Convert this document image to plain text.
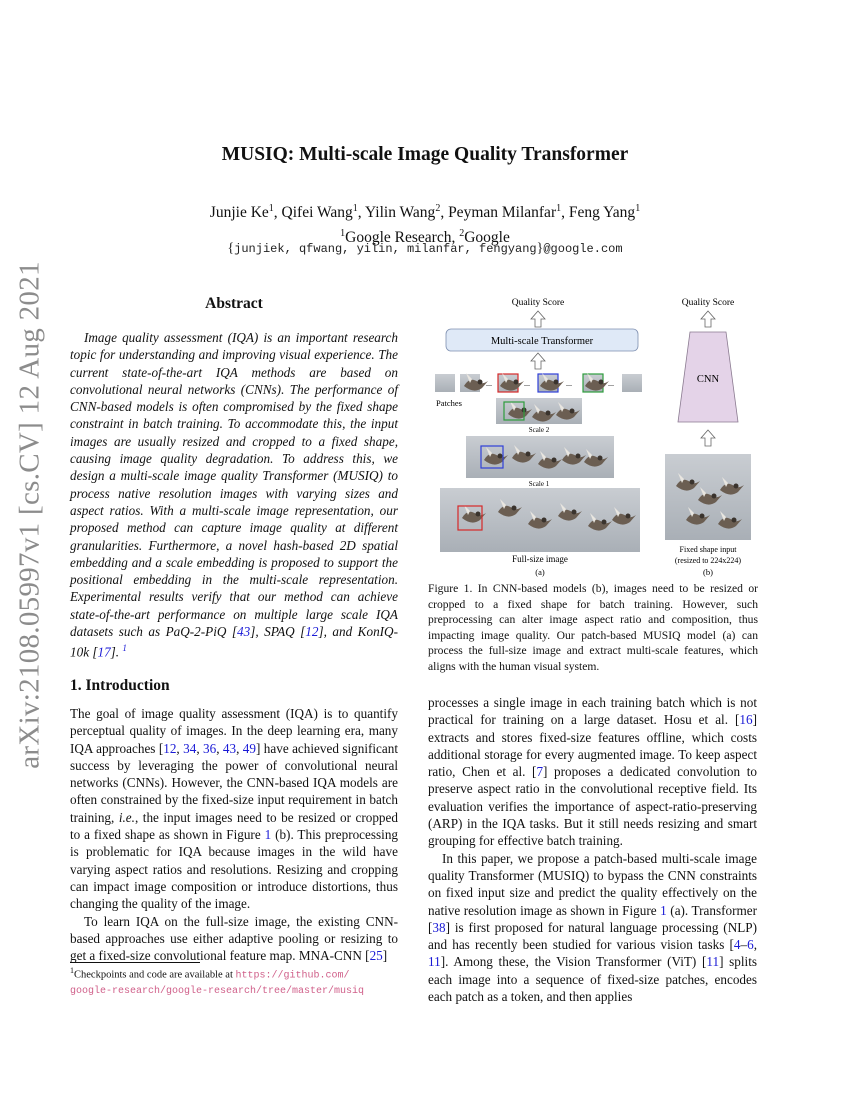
arXiv:2108.05997v1 [cs.CV] 12 Aug 2021
MUSIQ: Multi-scale Image Quality Transformer
Junjie Ke$^1$, Qifei Wang$^1$, Yilin Wang$^2$, Peyman Milanfar$^1$, Feng Yang$^1$
$^1$Google Research, $^2$Google
{junjiek, qfwang, yilin, milanfar, fengyang}@google.com
Abstract
Image quality assessment (IQA) is an important research topic for understanding and improving visual experience. The current state-of-the-art IQA methods are based on convolutional neural networks (CNNs). The performance of CNN-based models is often compromised by the fixed shape constraint in batch training. To accommodate this, the input images are usually resized and cropped to a fixed shape, causing image quality degradation. To address this, we design a multi-scale image quality Transformer (MUSIQ) to process native resolution images with varying sizes and aspect ratios. With a multi-scale image representation, our proposed method can capture image quality at different granularities. Furthermore, a novel hash-based 2D spatial embedding and a scale embedding is proposed to support the positional embedding in the multi-scale representation. Experimental results verify that our method can achieve state-of-the-art performance on multiple large scale IQA datasets such as PaQ-2-PiQ [43], SPAQ [12], and KonIQ-10k [17]. $^1$
1. Introduction

The goal of image quality assessment (IQA) is to quantify perceptual quality of images. In the deep learning era, many IQA approaches [12, 34, 36, 43, 49] have achieved significant success by leveraging the power of convolutional neural networks (CNNs). However, the CNN-based IQA models are often constrained by the fixed-size input requirement in batch training, i.e., the input images need to be resized or cropped to a fixed shape as shown in Figure 1 (b). This preprocessing is problematic for IQA because images in the wild have varying aspect ratios and resolutions. Resizing and cropping can impact image composition or introduce distortions, thus changing the quality of the image.

To learn IQA on the full-size image, the existing CNN-based approaches use either adaptive pooling or resizing to get a fixed-size convolutional feature map. MNA-CNN [25]

$^1$Checkpoints and code are available at https://github.com/
google-research/google-research/tree/master/musiq

processes a single image in each training batch which is not practical for training on a large dataset. Hosu et al. [16] extracts and stores fixed-size features offline, which costs additional storage for every augmented image. To keep aspect ratio, Chen et al. [7] proposes a dedicated convolution to preserve aspect ratio in the convolutional receptive field. Its evaluation verifies the importance of aspect-ratio-preserving (ARP) in the IQA tasks. But it still needs resizing and smart grouping for effective batch training.

In this paper, we propose a patch-based multi-scale image quality Transformer (MUSIQ) to bypass the CNN constraints on fixed input size and predict the quality effectively on the native resolution image as shown in Figure 1 (a). Transformer [38] is first proposed for natural language processing (NLP) and has recently been studied for various vision tasks [4–6, 11]. Among these, the Vision Transformer (ViT) [11] splits each image into a sequence of fixed-size patches, encodes each patch as a token, and then applies

Quality Score
Multi-scale Transformer
...	...	...	...
Patches
Scale 2
Scale 1
Full-size image
(a)
Quality Score
CNN
Fixed shape input
(resized to 224x224)
(b)
Figure 1. In CNN-based models (b), images need to be resized or cropped to a fixed shape for batch training. However, such preprocessing can alter image aspect ratio and composition, thus impacting image quality. Our patch-based MUSIQ model (a) can process the full-size image and extract multi-scale features, which aligns with the human visual system.
